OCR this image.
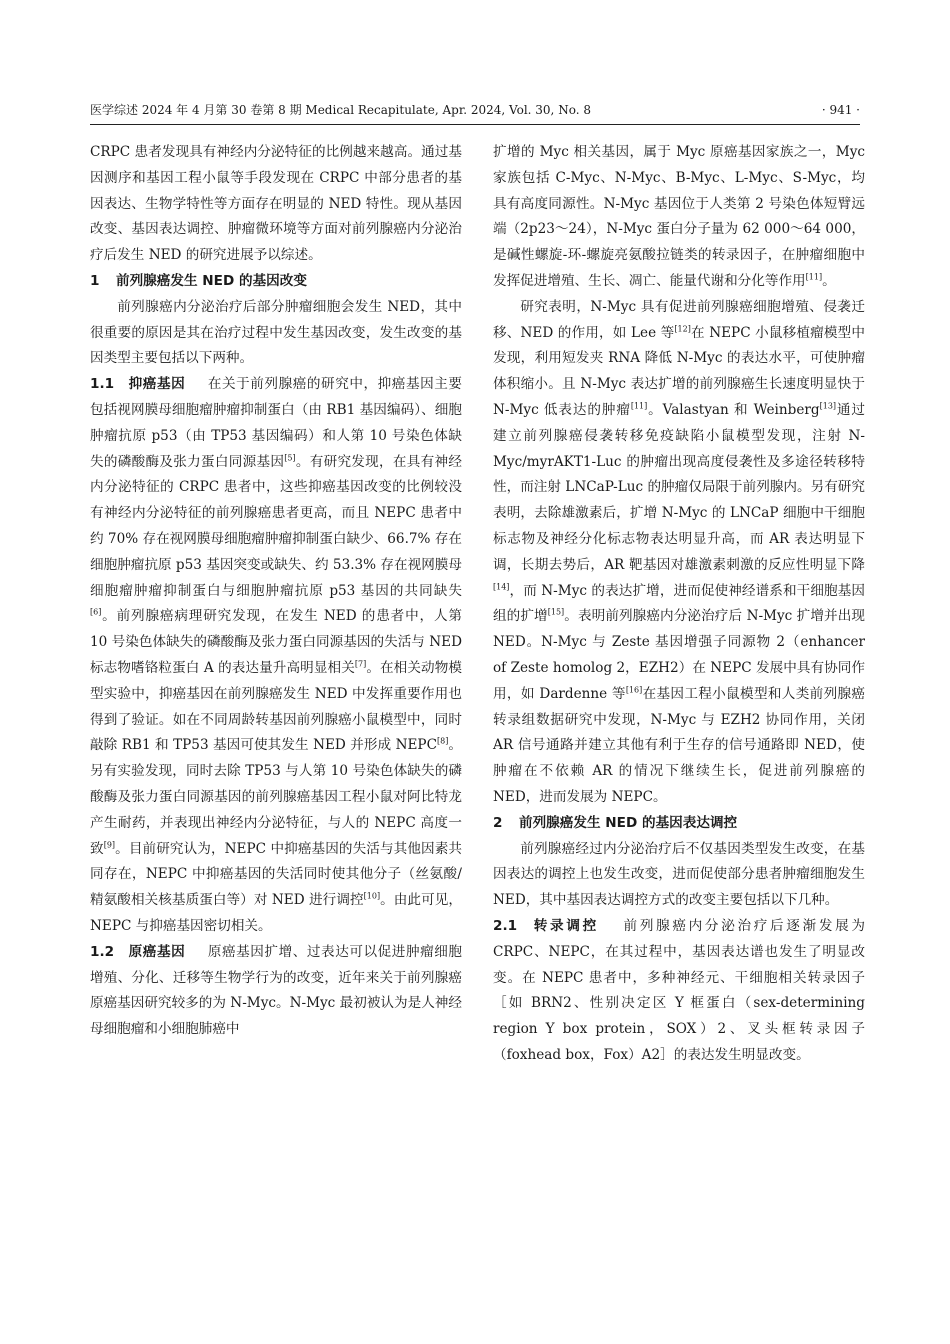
医学综述 2024 年 4 月第 30 卷第 8 期 Medical Recapitulate, Apr. 2024, Vol. 30, No. 8	· 941 ·

CRPC 患者发现具有神经内分泌特征的比例越来越高。通过基因测序和基因工程小鼠等手段发现在 CRPC 中部分患者的基因表达、生物学特性等方面存在明显的 NED 特性。现从基因改变、基因表达调控、肿瘤微环境等方面对前列腺癌内分泌治疗后发生 NED 的研究进展予以综述。

1 前列腺癌发生 NED 的基因改变

前列腺癌内分泌治疗后部分肿瘤细胞会发生 NED，其中很重要的原因是其在治疗过程中发生基因改变，发生改变的基因类型主要包括以下两种。

1.1 抑癌基因 在关于前列腺癌的研究中，抑癌基因主要包括视网膜母细胞瘤肿瘤抑制蛋白（由 RB1 基因编码）、细胞肿瘤抗原 p53（由 TP53 基因编码）和人第 10 号染色体缺失的磷酸酶及张力蛋白同源基因[5]。有研究发现，在具有神经内分泌特征的 CRPC 患者中，这些抑癌基因改变的比例较没有神经内分泌特征的前列腺癌患者更高，而且 NEPC 患者中约 70% 存在视网膜母细胞瘤肿瘤抑制蛋白缺少、66.7% 存在细胞肿瘤抗原 p53 基因突变或缺失、约 53.3% 存在视网膜母细胞瘤肿瘤抑制蛋白与细胞肿瘤抗原 p53 基因的共同缺失[6]。前列腺癌病理研究发现，在发生 NED 的患者中，人第 10 号染色体缺失的磷酸酶及张力蛋白同源基因的失活与 NED 标志物嗜铬粒蛋白 A 的表达量升高明显相关[7]。在相关动物模型实验中，抑癌基因在前列腺癌发生 NED 中发挥重要作用也得到了验证。如在不同周龄转基因前列腺癌小鼠模型中，同时敲除 RB1 和 TP53 基因可使其发生 NED 并形成 NEPC[8]。另有实验发现，同时去除 TP53 与人第 10 号染色体缺失的磷酸酶及张力蛋白同源基因的前列腺癌基因工程小鼠对阿比特龙产生耐药，并表现出神经内分泌特征，与人的 NEPC 高度一致[9]。目前研究认为，NEPC 中抑癌基因的失活与其他因素共同存在，NEPC 中抑癌基因的失活同时使其他分子（丝氨酸/精氨酸相关核基质蛋白等）对 NED 进行调控[10]。由此可见，NEPC 与抑癌基因密切相关。

1.2 原癌基因 原癌基因扩增、过表达可以促进肿瘤细胞增殖、分化、迁移等生物学行为的改变，近年来关于前列腺癌原癌基因研究较多的为 N-Myc。N-Myc 最初被认为是人神经母细胞瘤和小细胞肺癌中

扩增的 Myc 相关基因，属于 Myc 原癌基因家族之一，Myc 家族包括 C-Myc、N-Myc、B-Myc、L-Myc、S-Myc，均具有高度同源性。N-Myc 基因位于人类第 2 号染色体短臂远端（2p23～24），N-Myc 蛋白分子量为 62 000～64 000，是碱性螺旋-环-螺旋亮氨酸拉链类的转录因子，在肿瘤细胞中发挥促进增殖、生长、凋亡、能量代谢和分化等作用[11]。

研究表明，N-Myc 具有促进前列腺癌细胞增殖、侵袭迁移、NED 的作用，如 Lee 等[12]在 NEPC 小鼠移植瘤模型中发现，利用短发夹 RNA 降低 N-Myc 的表达水平，可使肿瘤体积缩小。且 N-Myc 表达扩增的前列腺癌生长速度明显快于 N-Myc 低表达的肿瘤[11]。Valastyan 和 Weinberg[13]通过建立前列腺癌侵袭转移免疫缺陷小鼠模型发现，注射 N-Myc/myrAKT1-Luc 的肿瘤出现高度侵袭性及多途径转移特性，而注射 LNCaP-Luc 的肿瘤仅局限于前列腺内。另有研究表明，去除雄激素后，扩增 N-Myc 的 LNCaP 细胞中干细胞标志物及神经分化标志物表达明显升高，而 AR 表达明显下调，长期去势后，AR 靶基因对雄激素刺激的反应性明显下降[14]，而 N-Myc 的表达扩增，进而促使神经谱系和干细胞基因组的扩增[15]。表明前列腺癌内分泌治疗后 N-Myc 扩增并出现 NED。N-Myc 与 Zeste 基因增强子同源物 2（enhancer of Zeste homolog 2，EZH2）在 NEPC 发展中具有协同作用，如 Dardenne 等[16]在基因工程小鼠模型和人类前列腺癌转录组数据研究中发现，N-Myc 与 EZH2 协同作用，关闭 AR 信号通路并建立其他有利于生存的信号通路即 NED，使肿瘤在不依赖 AR 的情况下继续生长，促进前列腺癌的 NED，进而发展为 NEPC。

2 前列腺癌发生 NED 的基因表达调控

前列腺癌经过内分泌治疗后不仅基因类型发生改变，在基因表达的调控上也发生改变，进而促使部分患者肿瘤细胞发生 NED，其中基因表达调控方式的改变主要包括以下几种。

2.1 转录调控 前列腺癌内分泌治疗后逐渐发展为 CRPC、NEPC，在其过程中，基因表达谱也发生了明显改变。在 NEPC 患者中，多种神经元、干细胞相关转录因子［如 BRN2、性别决定区 Y 框蛋白（sex-determining region Y box protein，SOX）2、叉头框转录因子（foxhead box，Fox）A2］的表达发生明显改变。
